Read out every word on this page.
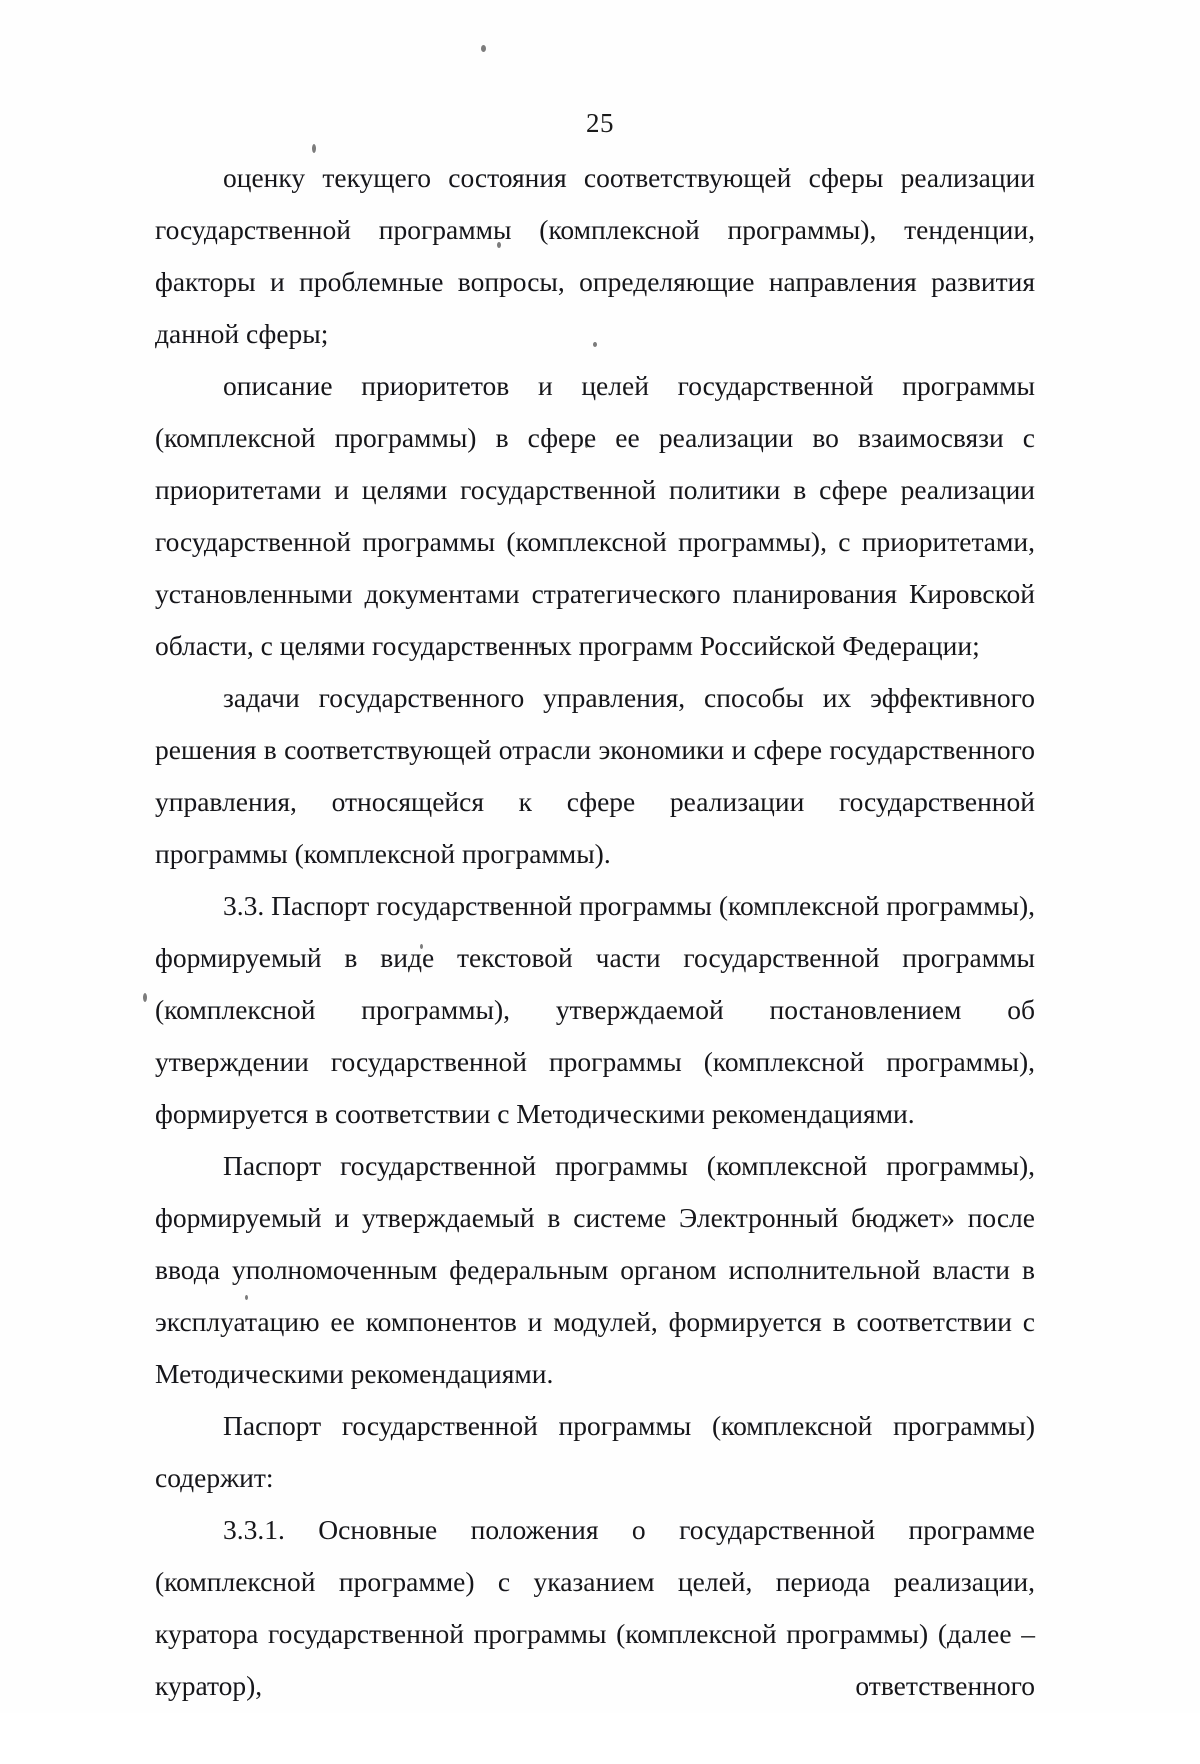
25

оценку текущего состояния соответствующей сферы реализации государственной программы (комплексной программы), тенденции, факторы и проблемные вопросы, определяющие направления развития данной сферы;

описание приоритетов и целей государственной программы (комплексной программы) в сфере ее реализации во взаимосвязи с приоритетами и целями государственной политики в сфере реализации государственной программы (комплексной программы), с приоритетами, установленными документами стратегического планирования Кировской области, с целями государственных программ Российской Федерации;

задачи государственного управления, способы их эффективного решения в соответствующей отрасли экономики и сфере государственного управления, относящейся к сфере реализации государственной программы (комплексной программы).

3.3. Паспорт государственной программы (комплексной программы), формируемый в виде текстовой части государственной программы (комплексной программы), утверждаемой постановлением об утверждении государственной программы (комплексной программы), формируется в соответствии с Методическими рекомендациями.

Паспорт государственной программы (комплексной программы), формируемый и утверждаемый в системе Электронный бюджет» после ввода уполномоченным федеральным органом исполнительной власти в эксплуатацию ее компонентов и модулей, формируется в соответствии с Методическими рекомендациями.

Паспорт государственной программы (комплексной программы) содержит:

3.3.1. Основные положения о государственной программе (комплексной программе) с указанием целей, периода реализации, куратора государственной программы (комплексной программы) (далее – куратор), ответственного
